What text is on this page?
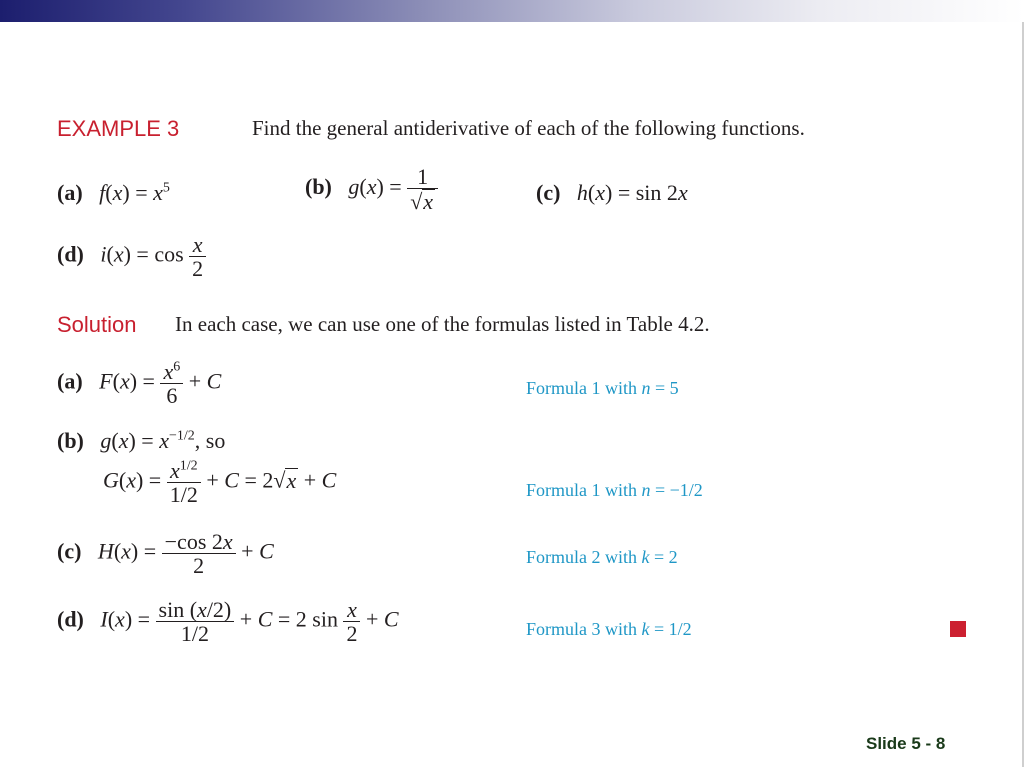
EXAMPLE 3	Find the general antiderivative of each of the following functions.
(a) $f(x) = x^5$	(b) $g(x) = \frac{1}{√x}$	(c) h(x) = sin 2x
(d) $i(x) = \cos \frac{x}{2}$
Solution In each case, we can use one of the formulas listed in Table 4.2.
(a) $F(x) = \frac{x^6}{6} + C$	Formula 1 with n = 5
(b) $g(x) = x^{-1/2}$, so
$G(x) = \frac{x^{1/2}}{1/2} + C = 2√x + C$	Formula 1 with n = −1/2
(c) $H(x) = \frac{-\cos 2x}{2} + C$	Formula 2 with k = 2
(d) $I(x) = \frac{\sin (x/2)}{1/2} + C = 2$ $\sin \frac{x}{2} + C$	Formula 3 with k = 1/2
Slide 5 - 8
